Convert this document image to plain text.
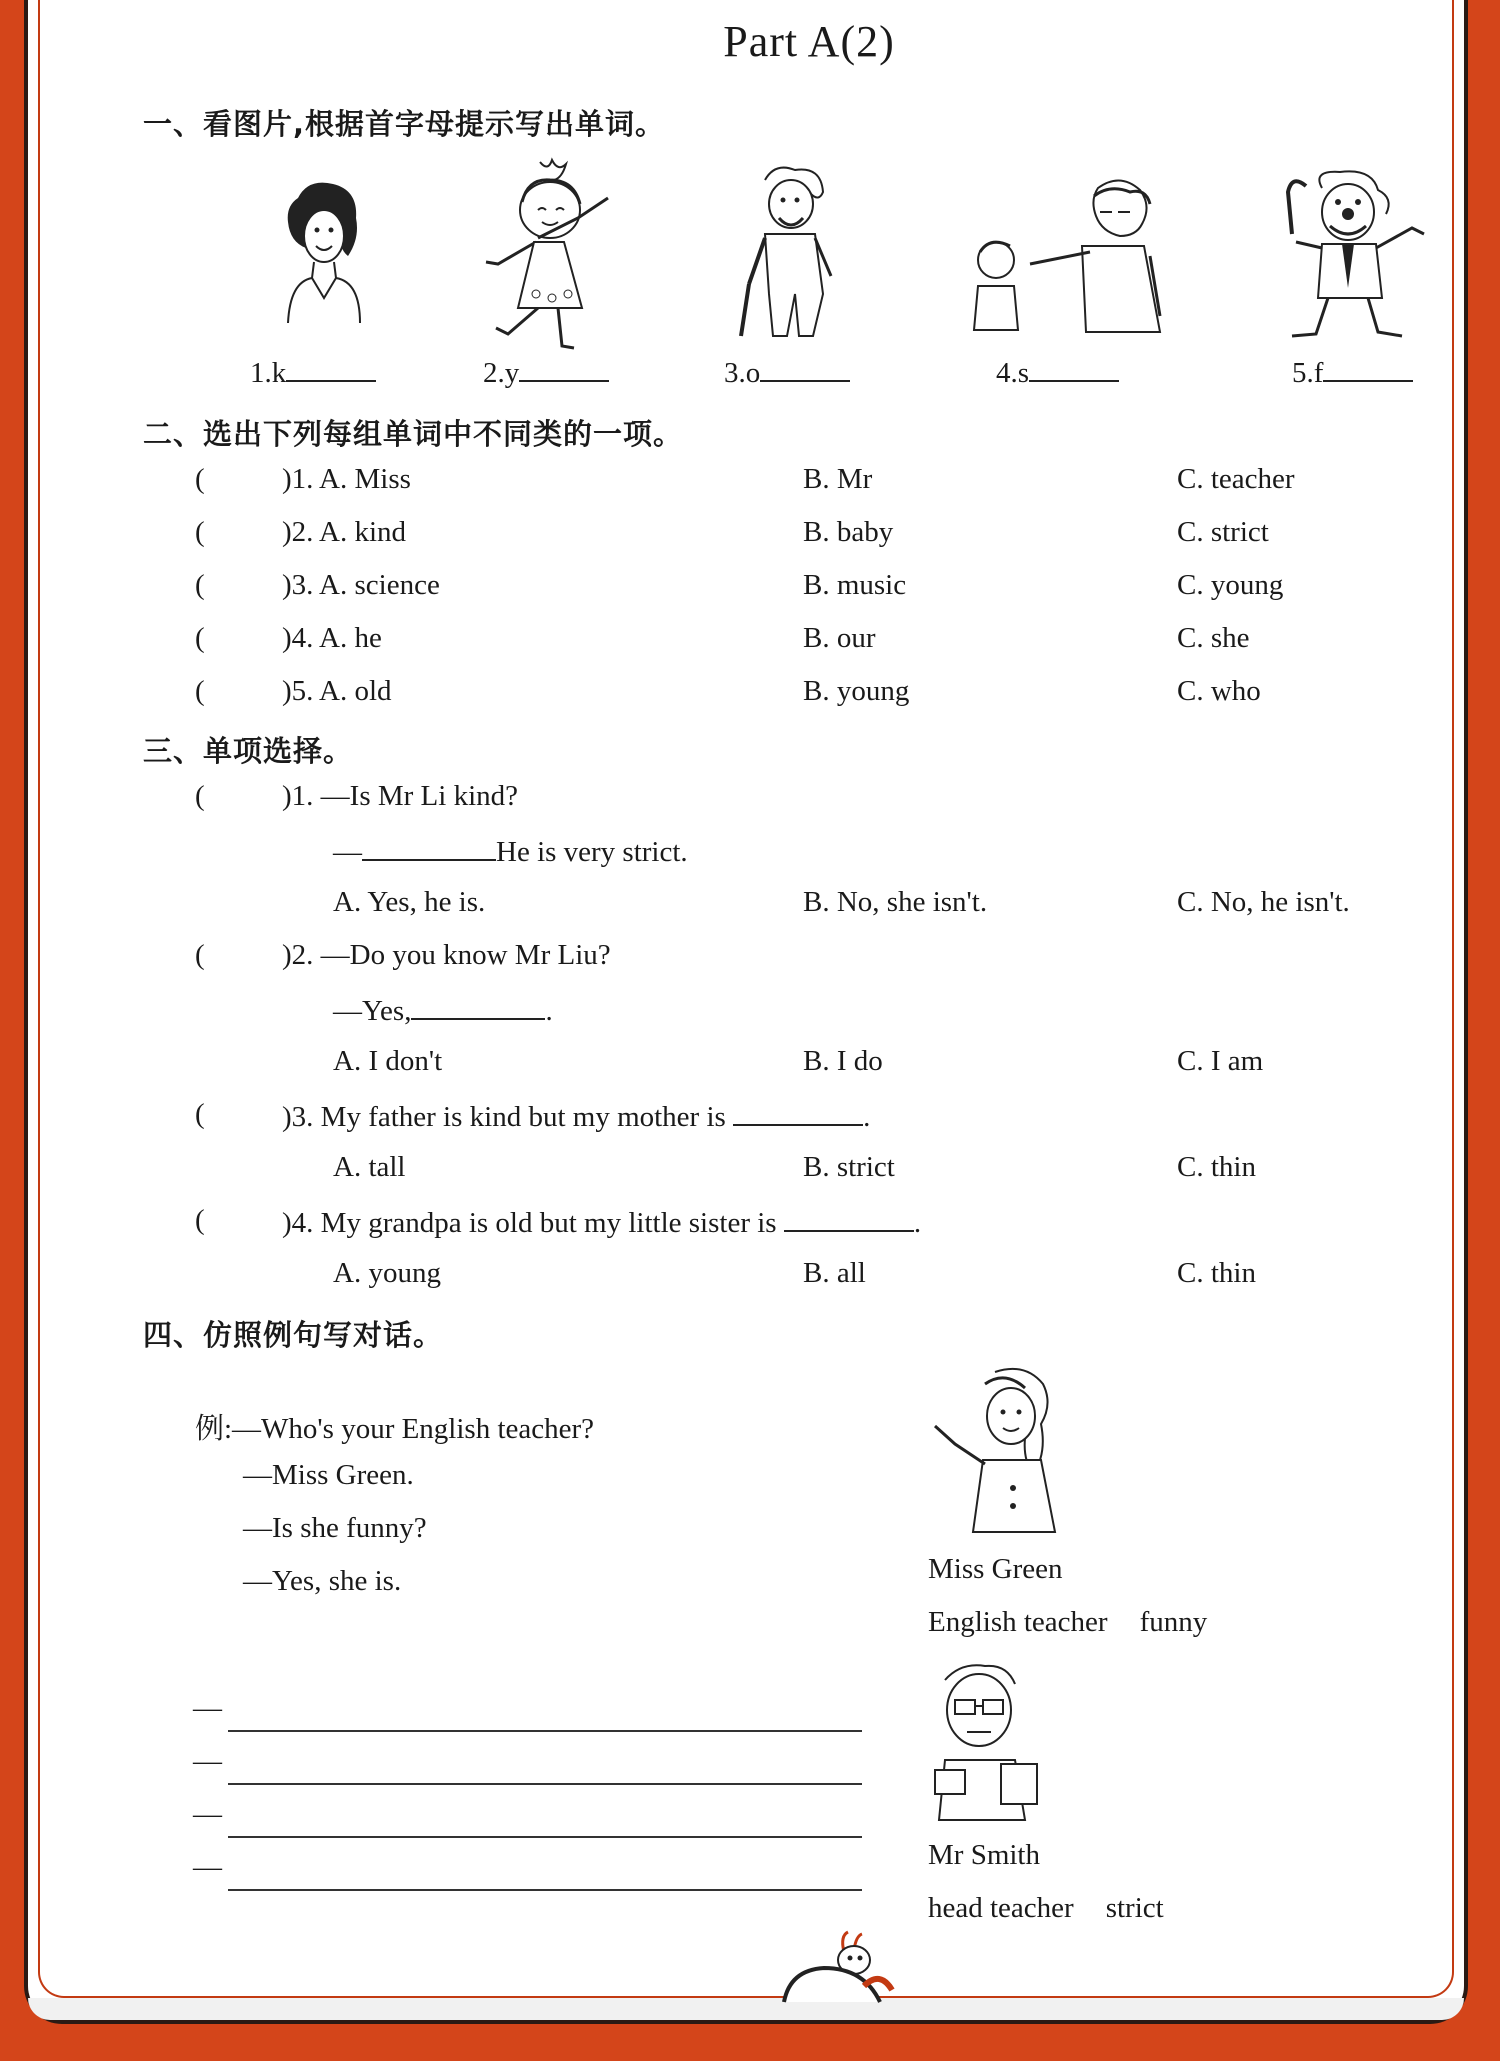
Part A(2)
一、看图片,根据首字母提示写出单词。
1.k	2.y	3.o	4.s	5.f
二、选出下列每组单词中不同类的一项。
(	)1. A. Miss	B. Mr	C. teacher
(	)2. A. kind	B. baby	C. strict
(	)3. A. science	B. music	C. young
(	)4. A. he	B. our	C. she
(	)5. A. old	B. young	C. who
三、单项选择。
(	)1. —Is Mr Li kind?
—	He is very strict.
A. Yes, he is.	B. No, she isn't.	C. No, he isn't.
(	)2. —Do you know Mr Liu?
—Yes,	.
A. I don't	B. I do	C. I am
(	)3. My father is kind but my mother is	.
A. tall	B. strict	C. thin
(	)4. My grandpa is old but my little sister is	.
A. young	B. all	C. thin
四、仿照例句写对话。
例:—Who's your English teacher?
—Miss Green.
—Is she funny?
—Yes, she is.
—
—
—
—
Miss Green
English teacher funny
Mr Smith
head teacher strict
